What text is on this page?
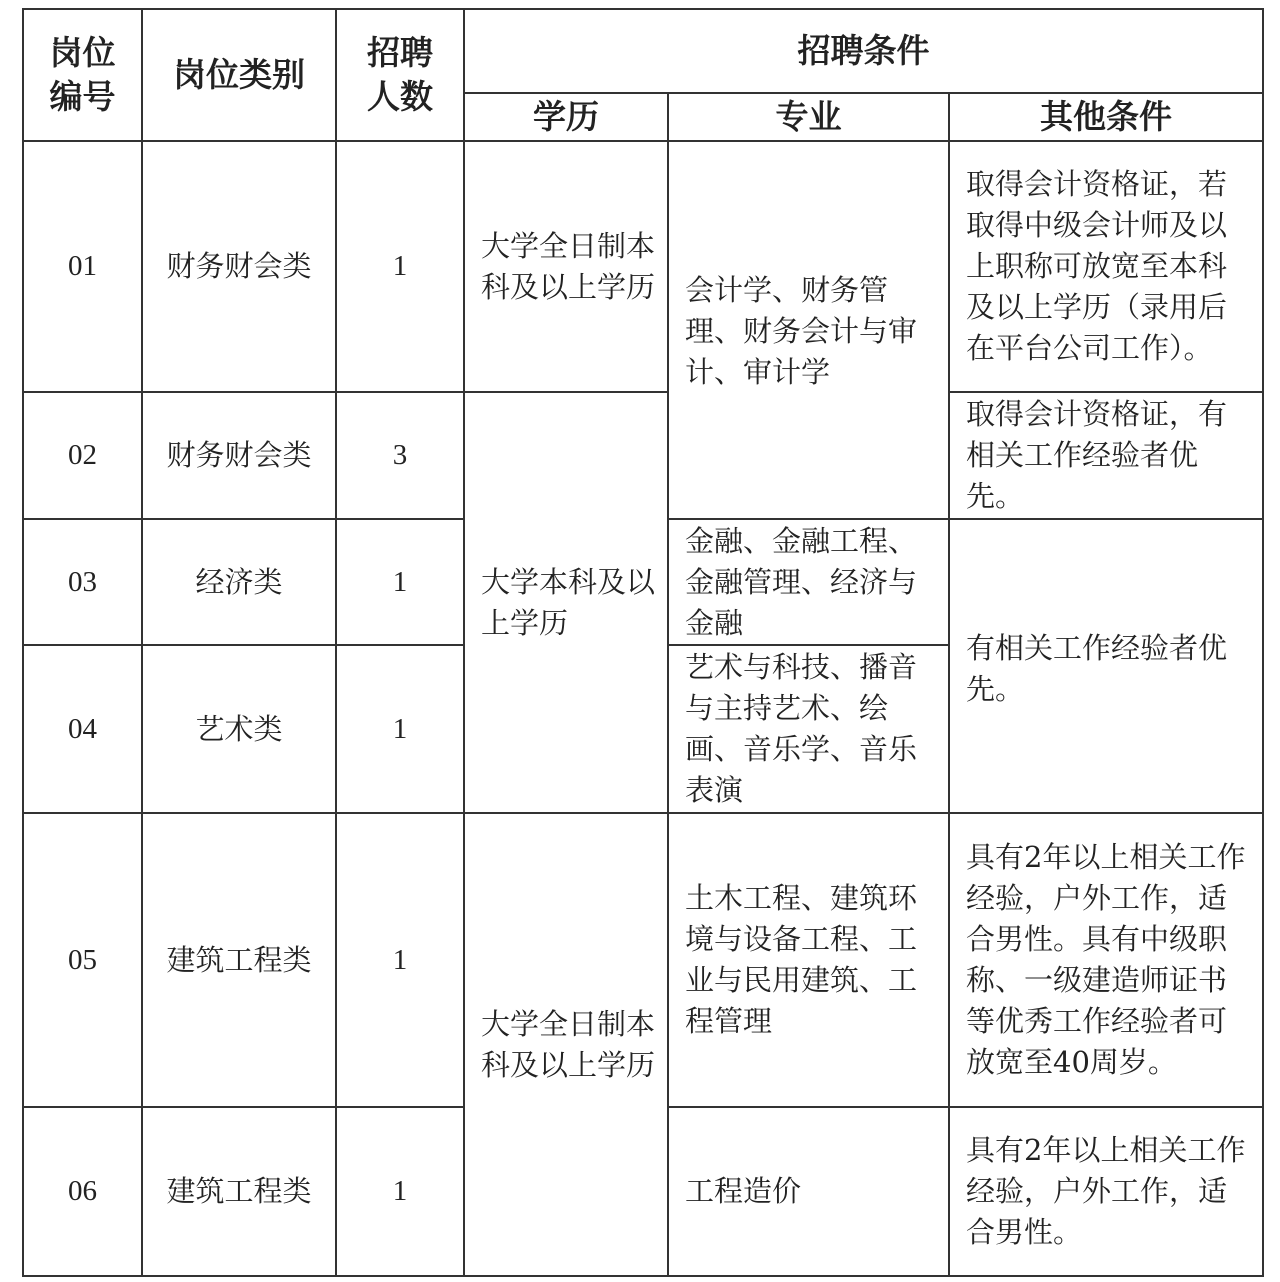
岗位编号	岗位类别	招聘人数	招聘条件		
			学历	专业	其他条件
01	财务财会类	1	大学全日制本科及以上学历	会计学、财务管理、财务会计与审计、审计学	取得会计资格证，若取得中级会计师及以上职称可放宽至本科及以上学历（录用后在平台公司工作）。
02	财务财会类	3	大学本科及以上学历		取得会计资格证，有相关工作经验者优先。
03	经济类	1		金融、金融工程、金融管理、经济与金融	有相关工作经验者优先。
04	艺术类	1		艺术与科技、播音与主持艺术、绘画、音乐学、音乐表演	
05	建筑工程类	1	大学全日制本科及以上学历	土木工程、建筑环境与设备工程、工业与民用建筑、工程管理	具有2年以上相关工作经验，户外工作，适合男性。具有中级职称、一级建造师证书等优秀工作经验者可放宽至40周岁。
06	建筑工程类	1		工程造价	具有2年以上相关工作经验，户外工作，适合男性。
